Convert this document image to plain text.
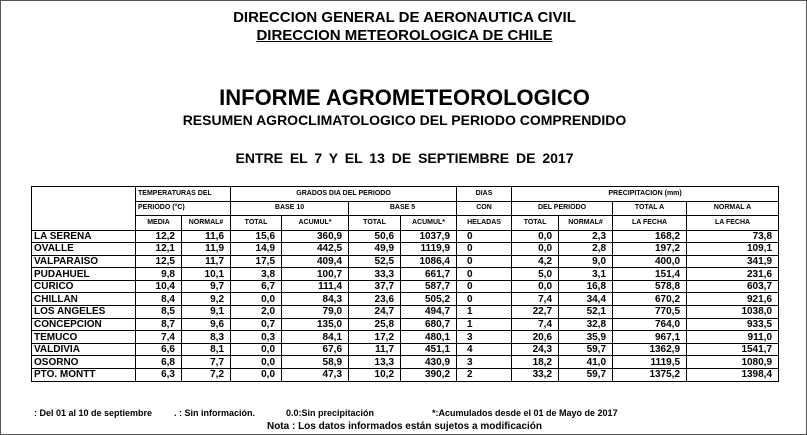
DIRECCION GENERAL DE AERONAUTICA CIVIL
DIRECCION METEOROLOGICA DE CHILE
INFORME AGROMETEOROLOGICO
RESUMEN AGROCLIMATOLOGICO DEL PERIODO COMPRENDIDO
ENTRE EL 7 Y EL 13 DE SEPTIEMBRE DE 2017
	TEMPERATURAS DEL		GRADOS DIA DEL PERIODO				DIAS	PRECIPITACION (mm)			
	PERIODO (°C)		BASE 10		BASE 5		CON	DEL PERIODO		TOTAL A	NORMAL A
	MEDIA	NORMAL#	TOTAL	ACUMUL*	TOTAL	ACUMUL*	HELADAS	TOTAL	NORMAL#	LA FECHA	LA FECHA
LA SERENA	12,2	11,6	15,6	360,9	50,6	1037,9	0	0,0	2,3	168,2	73,8
OVALLE	12,1	11,9	14,9	442,5	49,9	1119,9	0	0,0	2,8	197,2	109,1
VALPARAISO	12,5	11,7	17,5	409,4	52,5	1086,4	0	4,2	9,0	400,0	341,9
PUDAHUEL	9,8	10,1	3,8	100,7	33,3	661,7	0	5,0	3,1	151,4	231,6
CURICO	10,4	9,7	6,7	111,4	37,7	587,7	0	0,0	16,8	578,8	603,7
CHILLAN	8,4	9,2	0,0	84,3	23,6	505,2	0	7,4	34,4	670,2	921,6
LOS ANGELES	8,5	9,1	2,0	79,0	24,7	494,7	1	22,7	52,1	770,5	1038,0
CONCEPCION	8,7	9,6	0,7	135,0	25,8	680,7	1	7,4	32,8	764,0	933,5
TEMUCO	7,4	8,3	0,3	84,1	17,2	480,1	3	20,6	35,9	967,1	911,0
VALDIVIA	6,6	8,1	0,0	67,6	11,7	451,1	4	24,3	59,7	1362,9	1541,7
OSORNO	6,8	7,7	0,0	58,9	13,3	430,9	3	18,2	41,0	1119,5	1080,9
PTO. MONTT	6,3	7,2	0,0	47,3	10,2	390,2	2	33,2	59,7	1375,2	1398,4
: Del 01 al 10 de septiembre . : Sin información.	0.0:Sin precipitación	*:Acumulados desde el 01 de Mayo de 2017
Nota : Los datos informados están sujetos a modificación
